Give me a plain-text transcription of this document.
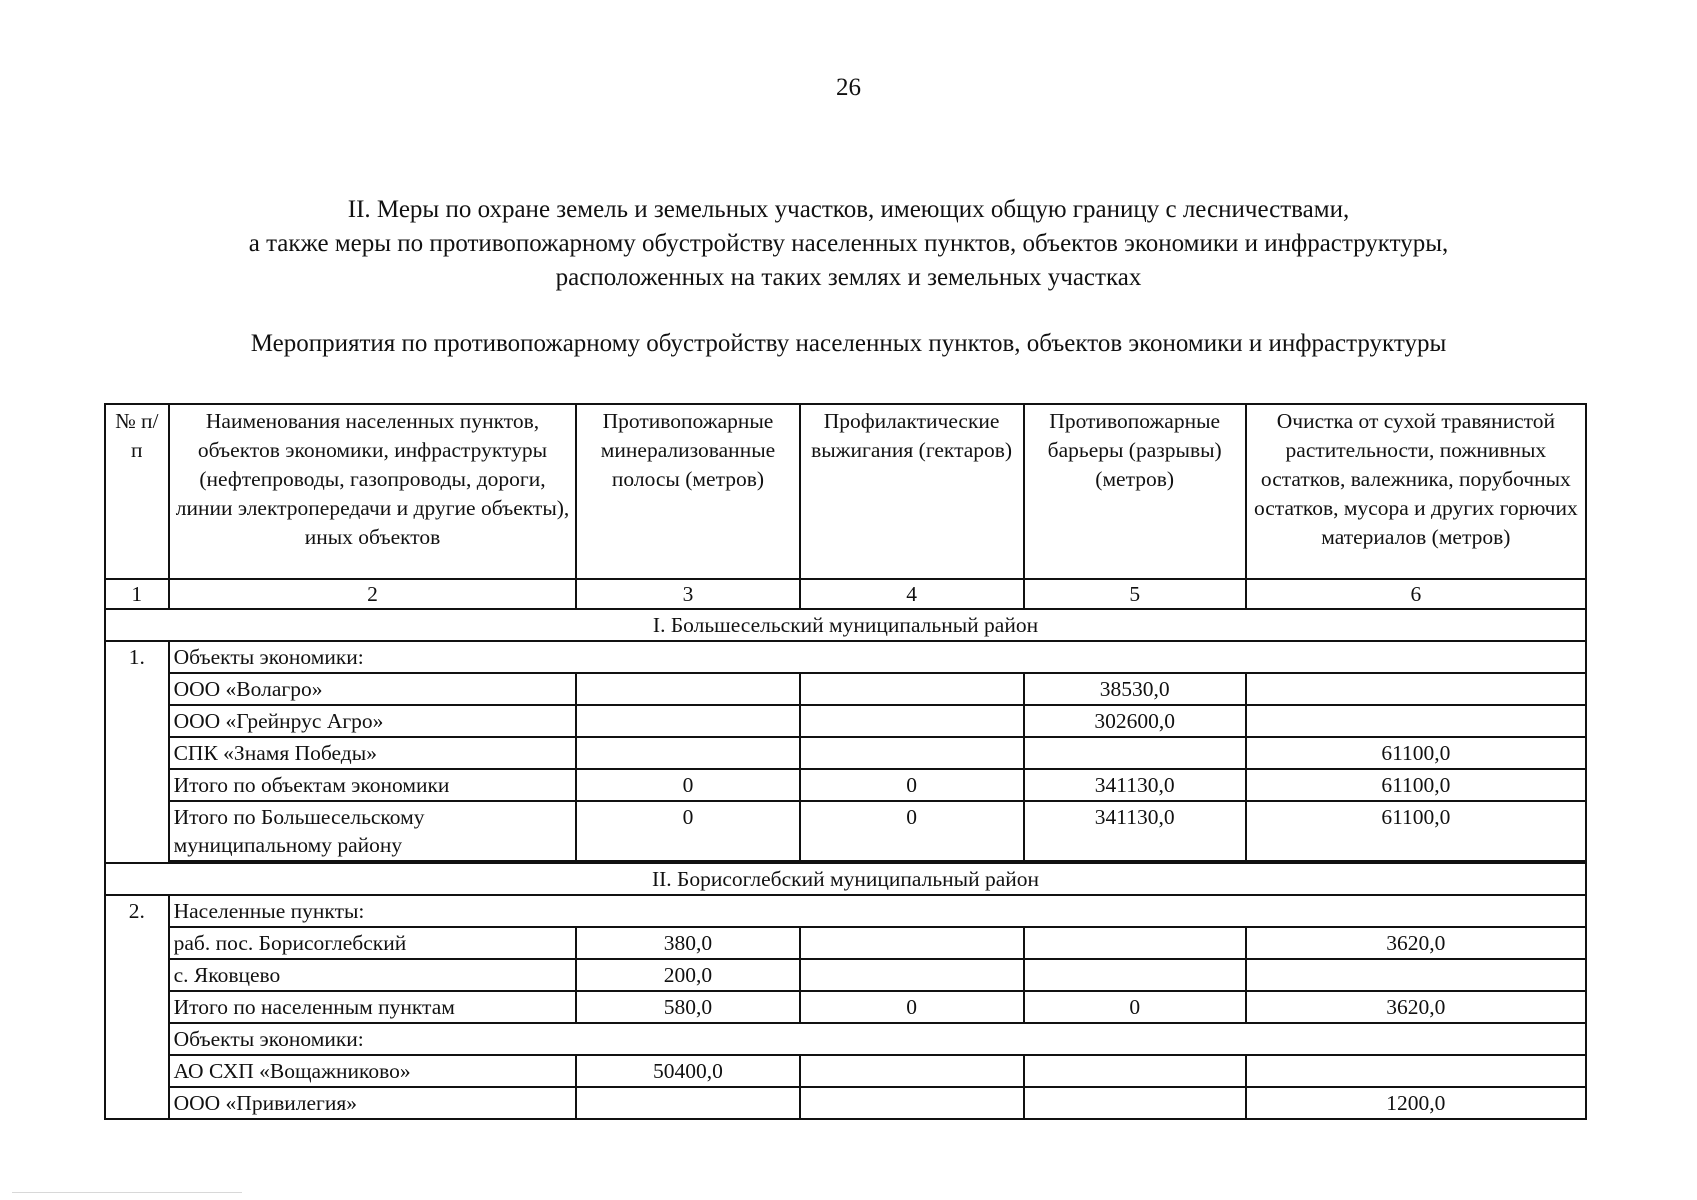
26
II. Меры по охране земель и земельных участков, имеющих общую границу с лесничествами,
а также меры по противопожарному обустройству населенных пунктов, объектов экономики и инфраструктуры,
расположенных на таких землях и земельных участках
Мероприятия по противопожарному обустройству населенных пунктов, объектов экономики и инфраструктуры
№ п/п	Наименования населенных пунктов, объектов экономики, инфраструктуры (нефтепроводы, газопроводы, дороги, линии электропередачи и другие объекты), иных объектов	Противопожарные минерализованные полосы (метров)	Профилактические выжигания (гектаров)	Противопожарные барьеры (разрывы) (метров)	Очистка от сухой травянистой растительности, пожнивных остатков, валежника, порубочных остатков, мусора и других горючих материалов (метров)
1	2	3	4	5	6
I. Большесельский муниципальный район					
1.	Объекты экономики:				
	ООО «Волагро»			38530,0	
	ООО «Грейнрус Агро»			302600,0	
	СПК «Знамя Победы»				61100,0
	Итого по объектам экономики	0	0	341130,0	61100,0

	Итого по Большесельскому
муниципальному району	0	0	341130,0	61100,0

II. Борисоглебский муниципальный район					
2.	Населенные пункты:				
	раб. пос. Борисоглебский	380,0			3620,0
	с. Яковцево	200,0			
	Итого по населенным пунктам	580,0	0	0	3620,0
	Объекты экономики:				
	АО СХП «Вощажниково»	50400,0			
	ООО «Привилегия»				1200,0
